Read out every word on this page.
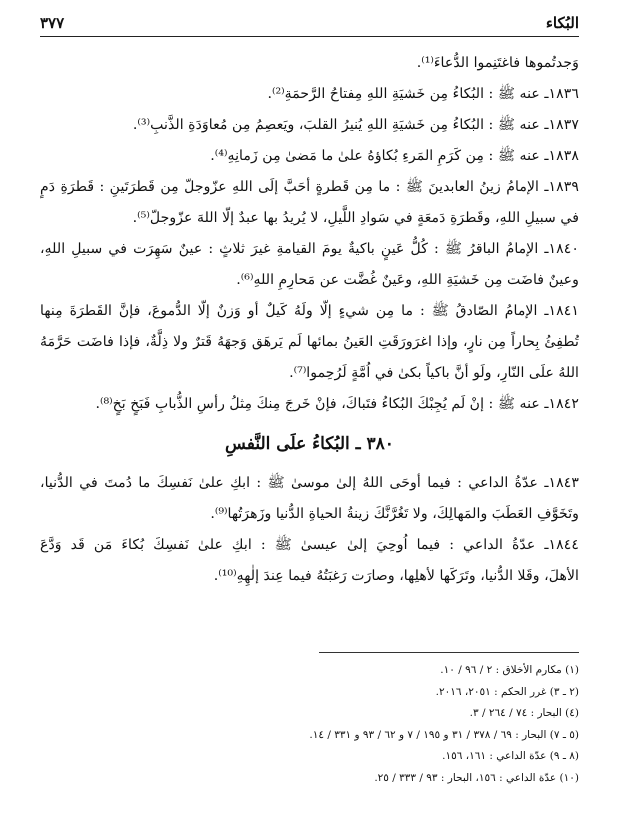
٣٧٧	البُكاء
وَجدتُموها فاغتَنِموا الدُّعاءَ⁽¹⁾.
١٨٣٦ـ عنه ﷺ : البُكاءُ مِن خَشيَةِ اللهِ مِفتاحُ الرَّحمَةِ⁽²⁾.
١٨٣٧ـ عنه ﷺ : البُكاءُ مِن خَشيَةِ اللهِ يُنيرُ القلبَ، ويَعصِمُ مِن مُعاوَدَةِ الذَّنبِ⁽³⁾.
١٨٣٨ـ عنه ﷺ : مِن كَرَمِ المَرءِ بُكاؤهُ علىٰ ما مَضىٰ مِن زَمانِهِ⁽⁴⁾.
١٨٣٩ـ الإمامُ زينُ العابدينَ ﷺ : ما مِن قَطرةٍ أحَبَّ إلَى اللهِ عزّوجلّ مِن قَطرَتَينِ : قَطرَةِ دَمٍ
في سبيلِ اللهِ، وقَطرَةِ دَمعَةٍ في سَوادِ اللَّيلِ، لا يُريدُ بها عبدٌ إلّا اللهَ عزّوجلّ⁽⁵⁾.
١٨٤٠ـ الإمامُ الباقرُ ﷺ : كُلُّ عَينٍ باكيةٌ يومَ القيامةِ غيرَ ثلاثٍ : عينٌ سَهِرَت في سبيلِ اللهِ،
وعينٌ فاضَت مِن خَشيَةِ اللهِ، وعَينٌ غُضَّت عن مَحارِمِ اللهِ⁽⁶⁾.
١٨٤١ـ الإمامُ الصّادقُ ﷺ : ما مِن شيءٍ إلّا ولَهُ كَيلٌ أو وَزنٌ إلّا الدُّموعَ، فإنَّ القَطرَةَ مِنها
تُطفِئُ بِحاراً مِن نارٍ، وإذا اغرَورَقَتِ العَينُ بمائها لَم يَرهَق وَجهَهُ قَترٌ ولا ذِلَّةٌ، فإذا فاضَت حَرَّمَهُ
اللهُ علَى النّارِ، ولَو أنَّ باكياً بكىٰ في اُمَّةٍ لَرُحِموا⁽⁷⁾.
١٨٤٢ـ عنه ﷺ : إنْ لَم يُجِبْكَ البُكاءُ فتَباكَ، فإنْ خَرجَ مِنكَ مِثلُ رأسِ الذُّبابِ فَبَخٍ بَخٍ⁽⁸⁾.
٣٨٠ ـ البُكاءُ علَى النَّفسِ
١٨٤٣ـ عدّةُ الداعي : فيما أوحَى اللهُ إلىٰ موسىٰ ﷺ : ابكِ علىٰ نَفسِكَ ما دُمتَ في الدُّنيا،
وتَخَوَّفِ العَطَبَ والمَهالِكَ، ولا تَغُرَّنَّكَ زينةُ الحياةِ الدُّنيا وزَهرَتُها⁽⁹⁾.
١٨٤٤ـ عدّةُ الداعي : فيما اُوحِيَ إلىٰ عيسىٰ ﷺ : ابكِ علىٰ نَفسِكَ بُكاءَ مَن قَد وَدَّعَ
الأهلَ، وقَلا الدُّنيا، وتَرَكَها لأهلِها، وصارَت رَغبَتُهُ فيما عِندَ إلٰهِهِ⁽¹⁰⁾.
(١) مكارم الأخلاق : ٢ / ٩٦ / ١٠.
(٢ ـ ٣) غرر الحكم : ٢٠٥١، ٢٠١٦.
(٤) البحار : ٧٤ / ٢٦٤ / ٣.
(٥ ـ ٧) البحار : ٦٩ / ٣٧٨ / ٣١ و ١٩٥ / ٧ و ٦٢ / ٩٣ و ٣٣١ / ١٤.
(٨ ـ ٩) عدّة الداعي : ١٦١، ١٥٦.
(١٠) عدّة الداعي : ١٥٦، البحار : ٩٣ / ٣٣٣ / ٢٥.
